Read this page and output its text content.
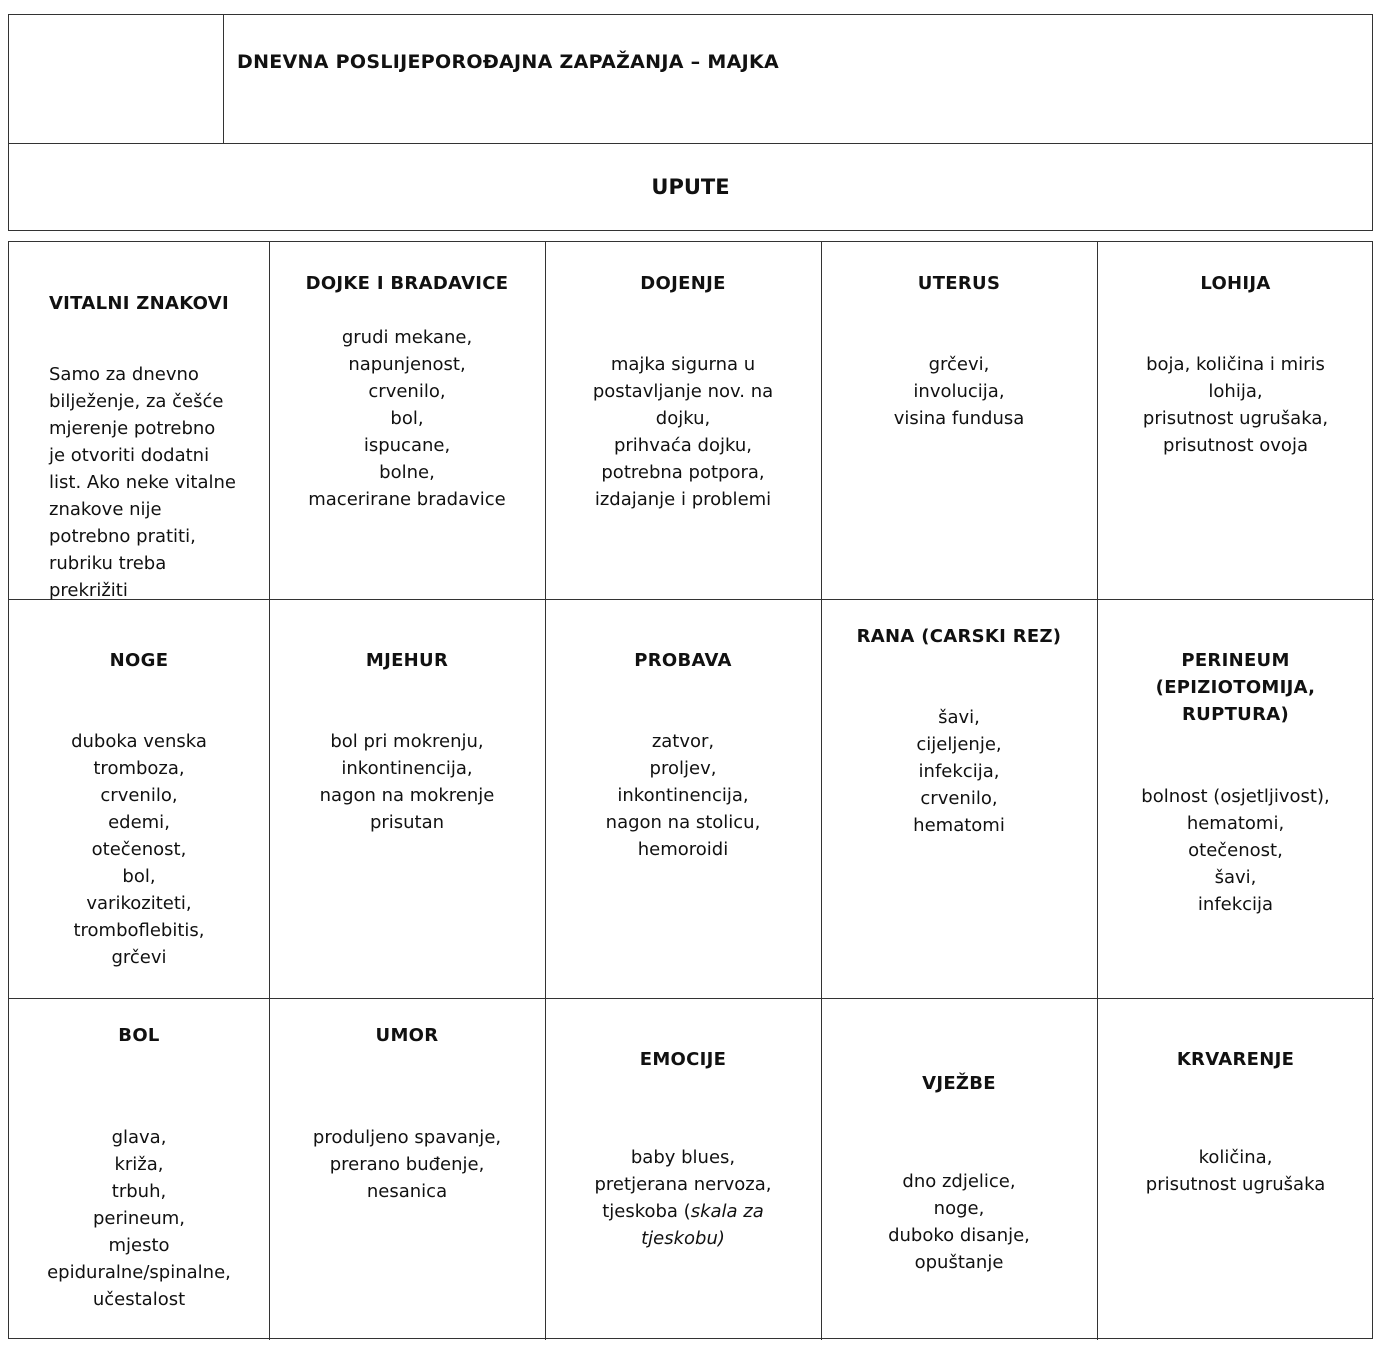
DNEVNA POSLIJEPOROĐAJNA ZAPAŽANJA – MAJKA
UPUTE
VITALNI ZNAKOVI
Samo za dnevno
bilježenje, za češće
mjerenje potrebno
je otvoriti dodatni
list. Ako neke vitalne
znakove nije
potrebno pratiti,
rubriku treba
prekrižiti
DOJKE I BRADAVICE
grudi mekane,
napunjenost,
crvenilo,
bol,
ispucane,
bolne,
macerirane bradavice
DOJENJE
majka sigurna u
postavljanje nov. na
dojku,
prihvaća dojku,
potrebna potpora,
izdajanje i problemi
UTERUS
grčevi,
involucija,
visina fundusa
LOHIJA
boja, količina i miris
lohija,
prisutnost ugrušaka,
prisutnost ovoja
NOGE
duboka venska
tromboza,
crvenilo,
edemi,
otečenost,
bol,
varikoziteti,
tromboflebitis,
grčevi
MJEHUR
bol pri mokrenju,
inkontinencija,
nagon na mokrenje
prisutan
PROBAVA
zatvor,
proljev,
inkontinencija,
nagon na stolicu,
hemoroidi
RANA (CARSKI REZ)
šavi,
cijeljenje,
infekcija,
crvenilo,
hematomi
PERINEUM
(EPIZIOTOMIJA,
RUPTURA)
bolnost (osjetljivost),
hematomi,
otečenost,
šavi,
infekcija
BOL
glava,
križa,
trbuh,
perineum,
mjesto
epiduralne/spinalne,
učestalost
UMOR
produljeno spavanje,
prerano buđenje,
nesanica
EMOCIJE
baby blues,
pretjerana nervoza,
tjeskoba (skala za
tjeskobu)
VJEŽBE
dno zdjelice,
noge,
duboko disanje,
opuštanje
KRVARENJE
količina,
prisutnost ugrušaka
